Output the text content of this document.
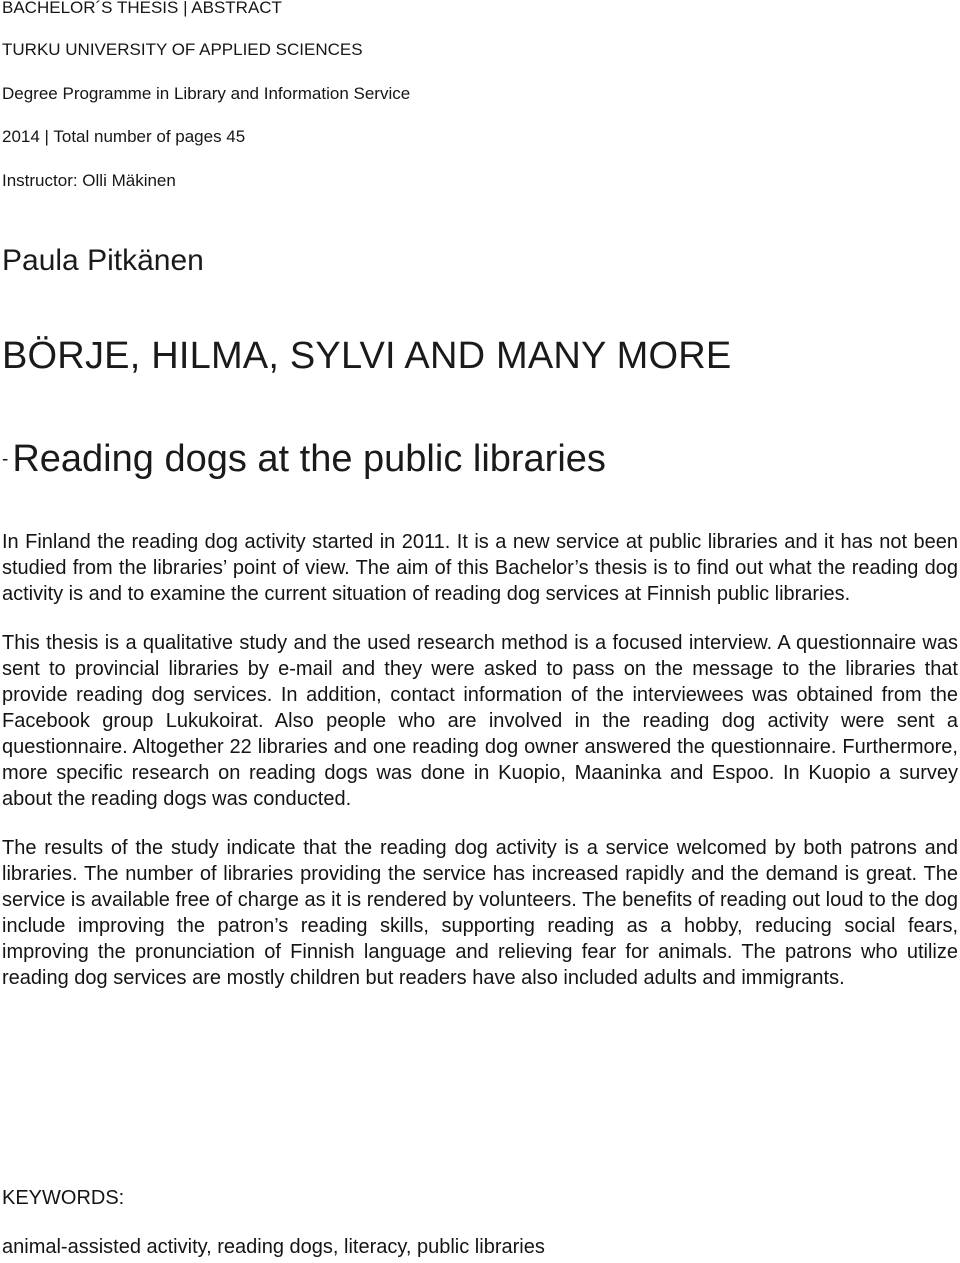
BACHELOR´S THESIS | ABSTRACT
TURKU UNIVERSITY OF APPLIED SCIENCES
Degree Programme in Library and Information Service
2014 | Total number of pages 45
Instructor: Olli Mäkinen
Paula Pitkänen
BÖRJE, HILMA, SYLVI AND MANY MORE
- Reading dogs at the public libraries

In Finland the reading dog activity started in 2011. It is a new service at public libraries and it has not been studied from the libraries’ point of view. The aim of this Bachelor’s thesis is to find out what the reading dog activity is and to examine the current situation of reading dog services at Finnish public libraries.

This thesis is a qualitative study and the used research method is a focused interview. A questionnaire was sent to provincial libraries by e-mail and they were asked to pass on the message to the libraries that provide reading dog services. In addition, contact information of the interviewees was obtained from the Facebook group Lukukoirat. Also people who are involved in the reading dog activity were sent a questionnaire. Altogether 22 libraries and one reading dog owner answered the questionnaire. Furthermore, more specific research on reading dogs was done in Kuopio, Maaninka and Espoo. In Kuopio a survey about the reading dogs was conducted.

The results of the study indicate that the reading dog activity is a service welcomed by both patrons and libraries. The number of libraries providing the service has increased rapidly and the demand is great. The service is available free of charge as it is rendered by volunteers. The benefits of reading out loud to the dog include improving the patron’s reading skills, supporting reading as a hobby, reducing social fears, improving the pronunciation of Finnish language and relieving fear for animals. The patrons who utilize reading dog services are mostly children but readers have also included adults and immigrants.

KEYWORDS:
animal-assisted activity, reading dogs, literacy, public libraries
